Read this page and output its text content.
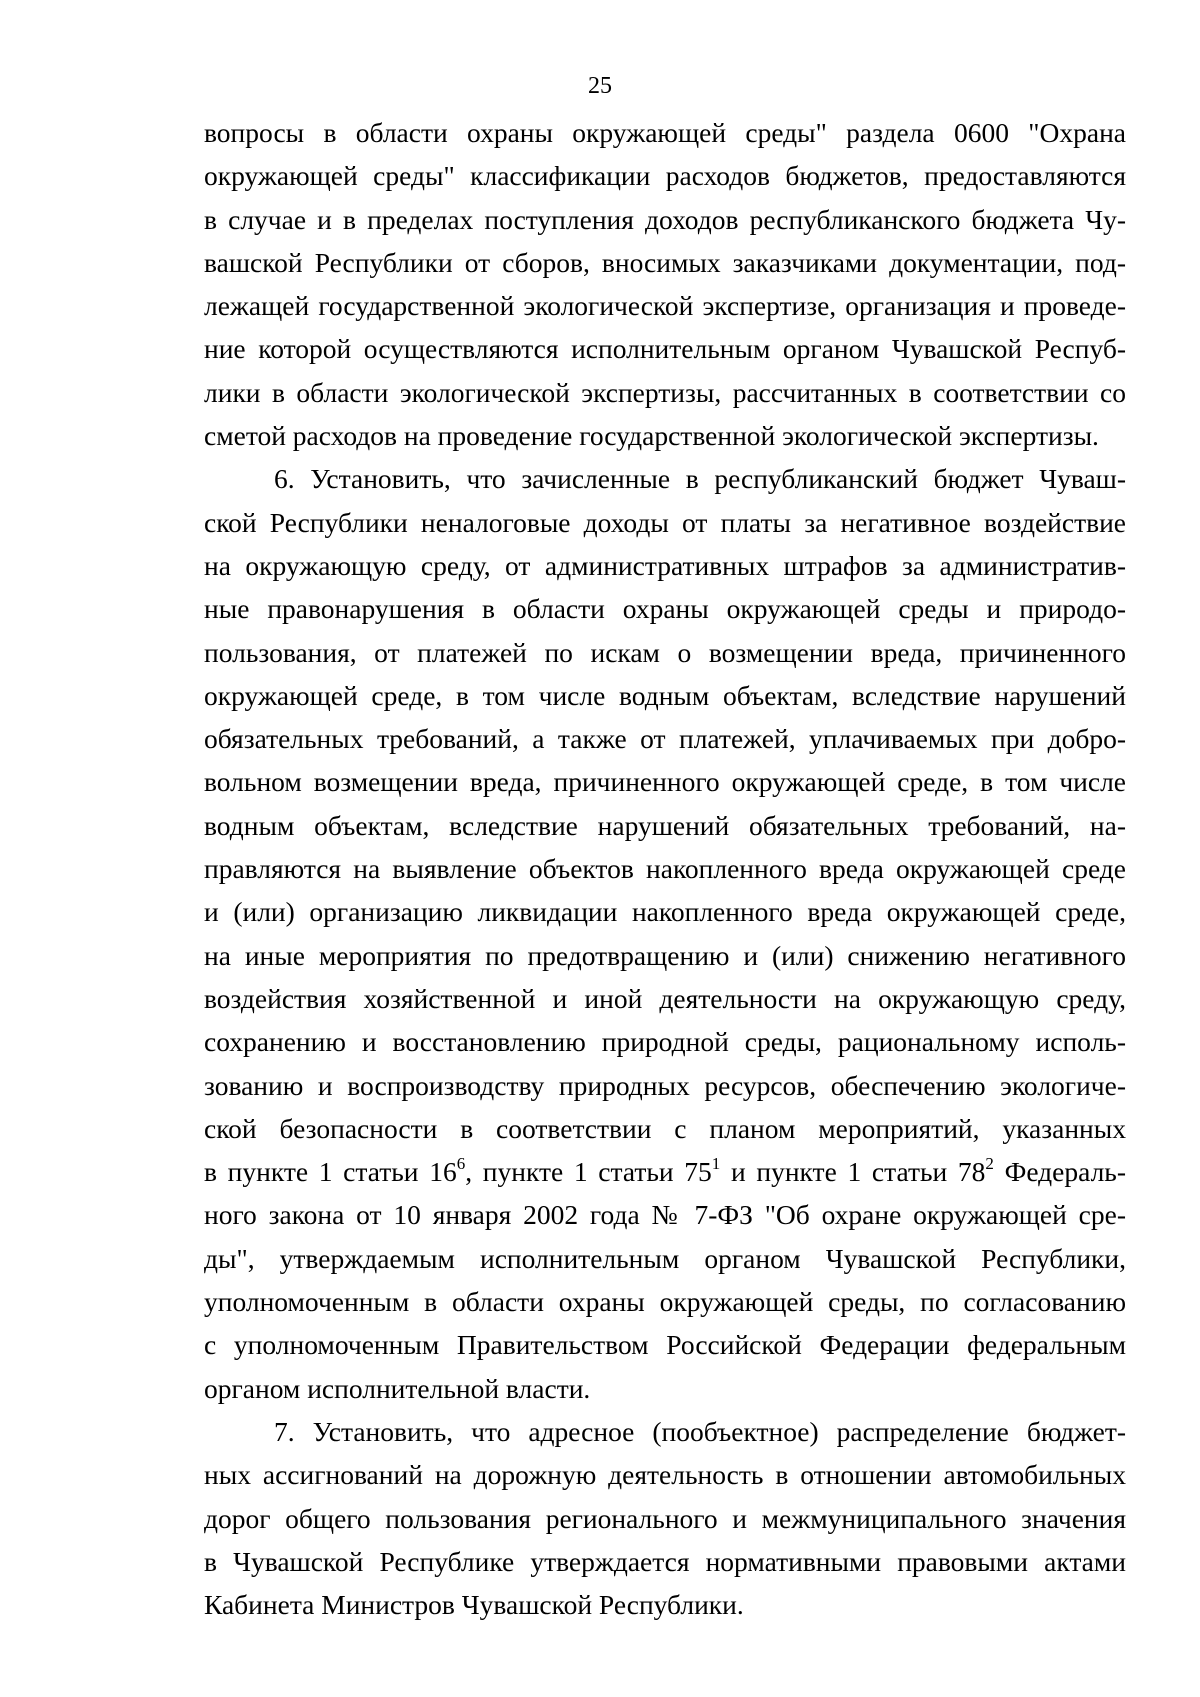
25
вопросы в области охраны окружающей среды" раздела 0600 "Охрана
окружающей среды" классификации расходов бюджетов, предоставляются
в случае и в пределах поступления доходов республиканского бюджета Чу-
вашской Республики от сборов, вносимых заказчиками документации, под-
лежащей государственной экологической экспертизе, организация и проведе-
ние которой осуществляются исполнительным органом Чувашской Респуб-
лики в области экологической экспертизы, рассчитанных в соответствии со
сметой расходов на проведение государственной экологической экспертизы.
6. Установить, что зачисленные в республиканский бюджет Чуваш-
ской Республики неналоговые доходы от платы за негативное воздействие
на окружающую среду, от административных штрафов за административ-
ные правонарушения в области охраны окружающей среды и природо-
пользования, от платежей по искам о возмещении вреда, причиненного
окружающей среде, в том числе водным объектам, вследствие нарушений
обязательных требований, а также от платежей, уплачиваемых при добро-
вольном возмещении вреда, причиненного окружающей среде, в том числе
водным объектам, вследствие нарушений обязательных требований, на-
правляются на выявление объектов накопленного вреда окружающей среде
и (или) организацию ликвидации накопленного вреда окружающей среде,
на иные мероприятия по предотвращению и (или) снижению негативного
воздействия хозяйственной и иной деятельности на окружающую среду,
сохранению и восстановлению природной среды, рациональному исполь-
зованию и воспроизводству природных ресурсов, обеспечению экологиче-
ской безопасности в соответствии с планом мероприятий, указанных
в пункте 1 статьи $16^6$, пункте 1 статьи $75^1$ и пункте 1 статьи $78^2$ Федераль-
ного закона от 10 января 2002 года № 7-ФЗ "Об охране окружающей сре-
ды", утверждаемым исполнительным органом Чувашской Республики,
уполномоченным в области охраны окружающей среды, по согласованию
с уполномоченным Правительством Российской Федерации федеральным
органом исполнительной власти.
7. Установить, что адресное (пообъектное) распределение бюджет-
ных ассигнований на дорожную деятельность в отношении автомобильных
дорог общего пользования регионального и межмуниципального значения
в Чувашской Республике утверждается нормативными правовыми актами
Кабинета Министров Чувашской Республики.
